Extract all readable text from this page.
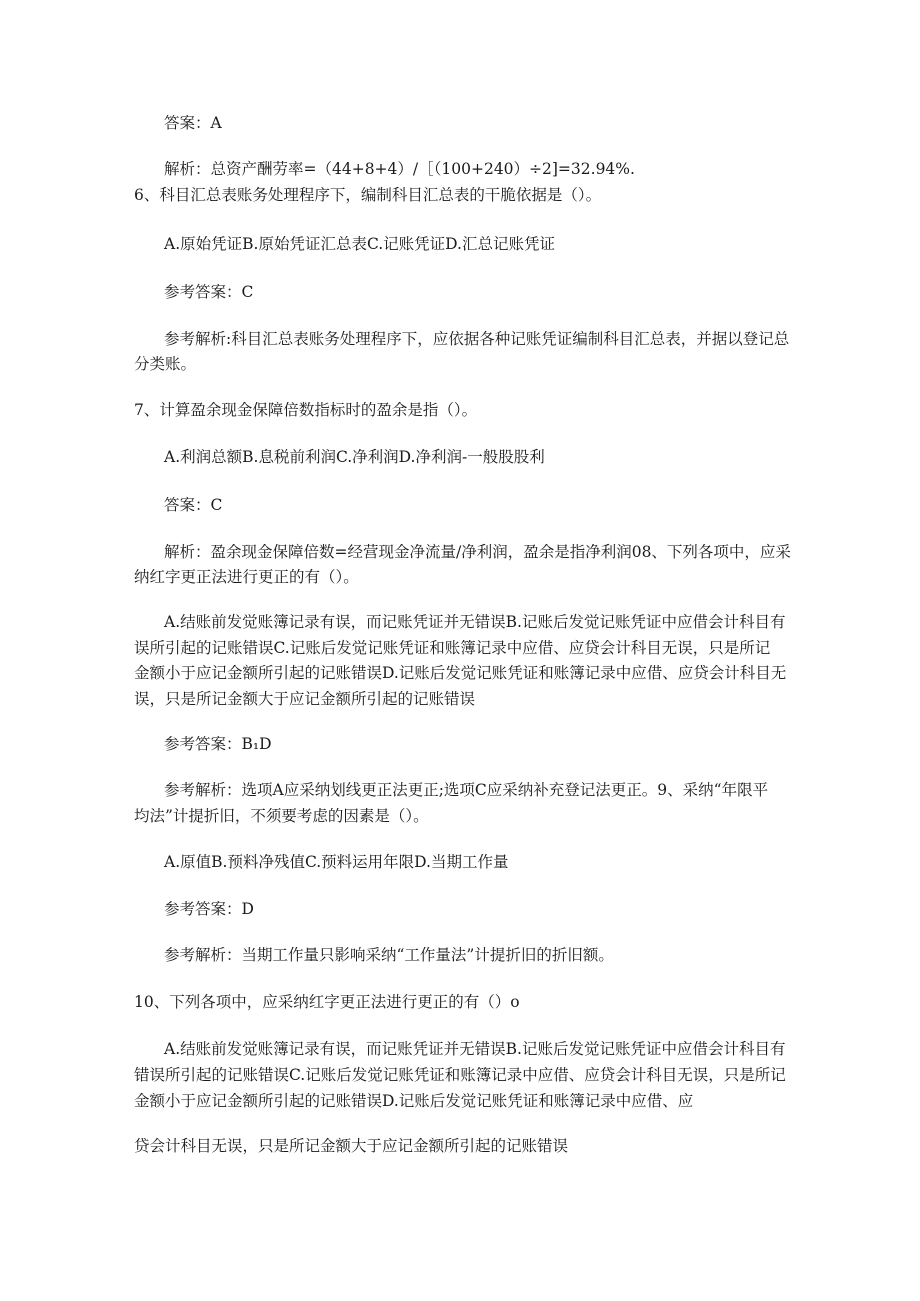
答案：A
解析：总资产酬劳率=（44+8+4）/［（100+240）÷2]=32.94%.
6、科目汇总表账务处理程序下，编制科目汇总表的干脆依据是（）。
A.原始凭证B.原始凭证汇总表C.记账凭证D.汇总记账凭证
参考答案：C
参考解析:科目汇总表账务处理程序下，应依据各种记账凭证编制科目汇总表，并据以登记总
分类账。
7、计算盈余现金保障倍数指标时的盈余是指（）。
A.利润总额B.息税前利润C.净利润D.净利润-一般股股利
答案：C
解析：盈余现金保障倍数=经营现金净流量/净利润，盈余是指净利润08、下列各项中，应采
纳红字更正法进行更正的有（）。
A.结账前发觉账簿记录有误，而记账凭证并无错误B.记账后发觉记账凭证中应借会计科目有
误所引起的记账错误C.记账后发觉记账凭证和账簿记录中应借、应贷会计科目无误，只是所记
金额小于应记金额所引起的记账错误D.记账后发觉记账凭证和账簿记录中应借、应贷会计科目无
误，只是所记金额大于应记金额所引起的记账错误
参考答案：B₁D
参考解析：选项A应采纳划线更正法更正;选项C应采纳补充登记法更正。9、采纳“年限平
均法”计提折旧，不须要考虑的因素是（）。
A.原值B.预料净残值C.预料运用年限D.当期工作量
参考答案：D
参考解析：当期工作量只影响采纳“工作量法”计提折旧的折旧额。
10、下列各项中，应采纳红字更正法进行更正的有（）o
A.结账前发觉账簿记录有误，而记账凭证并无错误B.记账后发觉记账凭证中应借会计科目有
错误所引起的记账错误C.记账后发觉记账凭证和账簿记录中应借、应贷会计科目无误，只是所记
金额小于应记金额所引起的记账错误D.记账后发觉记账凭证和账簿记录中应借、应
贷会计科目无误，只是所记金额大于应记金额所引起的记账错误
